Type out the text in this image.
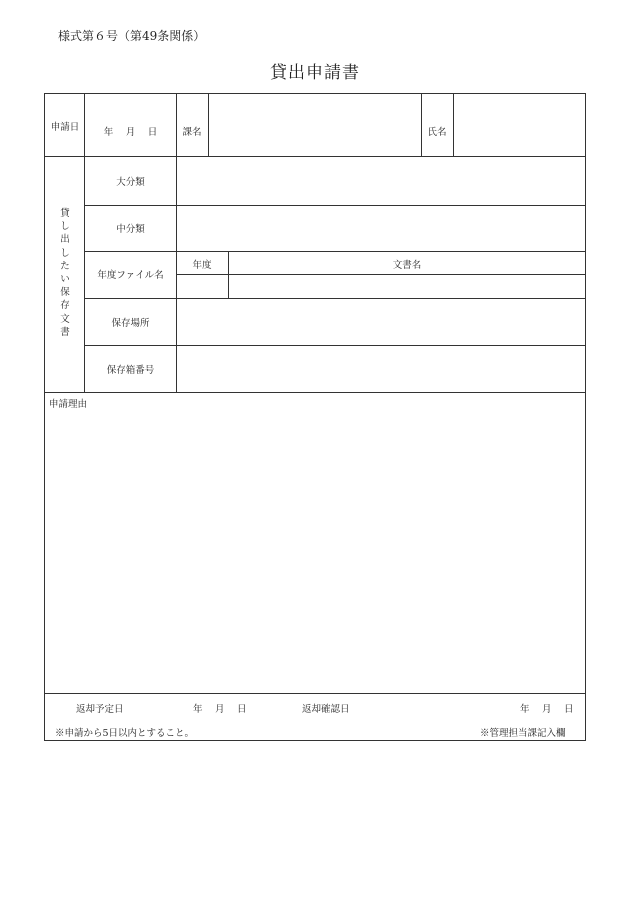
様式第６号（第49条関係）
貸出申請書
申請日	年　 月　 日	課名	氏名
貸
し
出
し
た
い
保
存
文
書
大分類
中分類
年度ファイル名
年度	文書名
保存場所
保存箱番号
申請理由
返却予定日	年　 月　 日	返却確認日	年　 月　 日
※申請から5日以内とすること。	※管理担当課記入欄
